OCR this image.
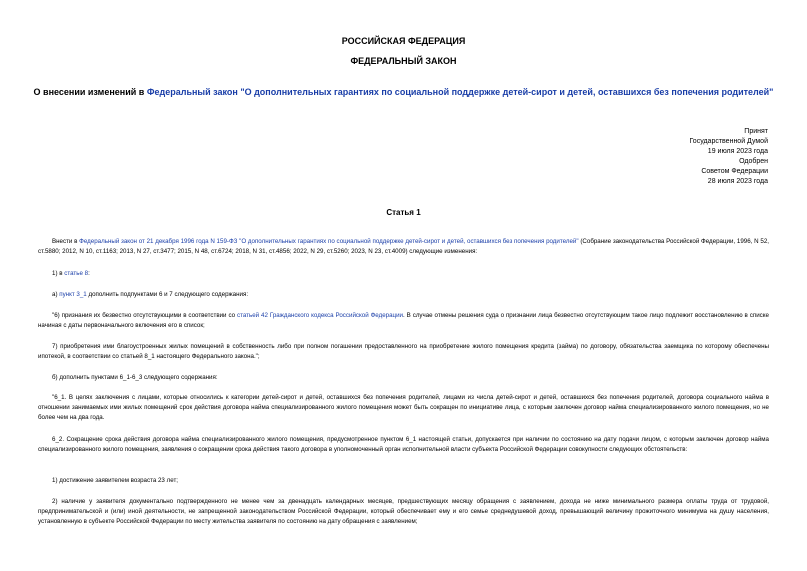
РОССИЙСКАЯ ФЕДЕРАЦИЯ
ФЕДЕРАЛЬНЫЙ ЗАКОН
О внесении изменений в Федеральный закон "О дополнительных гарантиях по социальной поддержке детей-сирот и детей, оставшихся без попечения родителей"
Принят
Государственной Думой
19 июля 2023 года
Одобрен
Советом Федерации
28 июля 2023 года
Статья 1
Внести в Федеральный закон от 21 декабря 1996 года N 159-ФЗ "О дополнительных гарантиях по социальной поддержке детей-сирот и детей, оставшихся без попечения родителей" (Собрание законодательства Российской Федерации, 1996, N 52, ст.5880; 2012, N 10, ст.1163; 2013, N 27, ст.3477; 2015, N 48, ст.6724; 2018, N 31, ст.4856; 2022, N 29, ст.5260; 2023, N 23, ст.4009) следующие изменения:
1) в статье 8:
а) пункт 3_1 дополнить подпунктами 6 и 7 следующего содержания:
"6) признания их безвестно отсутствующими в соответствии со статьей 42 Гражданского кодекса Российской Федерации. В случае отмены решения суда о признании лица безвестно отсутствующим такое лицо подлежит восстановлению в списке начиная с даты первоначального включения его в список;
7) приобретения ими благоустроенных жилых помещений в собственность либо при полном погашении предоставленного на приобретение жилого помещения кредита (займа) по договору, обязательства заемщика по которому обеспечены ипотекой, в соответствии со статьей 8_1 настоящего Федерального закона.";
б) дополнить пунктами 6_1-6_3 следующего содержания:
"6_1. В целях заключения с лицами, которые относились к категории детей-сирот и детей, оставшихся без попечения родителей, лицами из числа детей-сирот и детей, оставшихся без попечения родителей, договора социального найма в отношении занимаемых ими жилых помещений срок действия договора найма специализированного жилого помещения может быть сокращен по инициативе лица, с которым заключен договор найма специализированного жилого помещения, но не более чем на два года.
6_2. Сокращение срока действия договора найма специализированного жилого помещения, предусмотренное пунктом 6_1 настоящей статьи, допускается при наличии по состоянию на дату подачи лицом, с которым заключен договор найма специализированного жилого помещения, заявления о сокращении срока действия такого договора в уполномоченный орган исполнительной власти субъекта Российской Федерации совокупности следующих обстоятельств:
1) достижение заявителем возраста 23 лет;
2) наличие у заявителя документально подтвержденного не менее чем за двенадцать календарных месяцев, предшествующих месяцу обращения с заявлением, дохода не ниже минимального размера оплаты труда от трудовой, предпринимательской и (или) иной деятельности, не запрещенной законодательством Российской Федерации, который обеспечивает ему и его семье среднедушевой доход, превышающий величину прожиточного минимума на душу населения, установленную в субъекте Российской Федерации по месту жительства заявителя по состоянию на дату обращения с заявлением;
